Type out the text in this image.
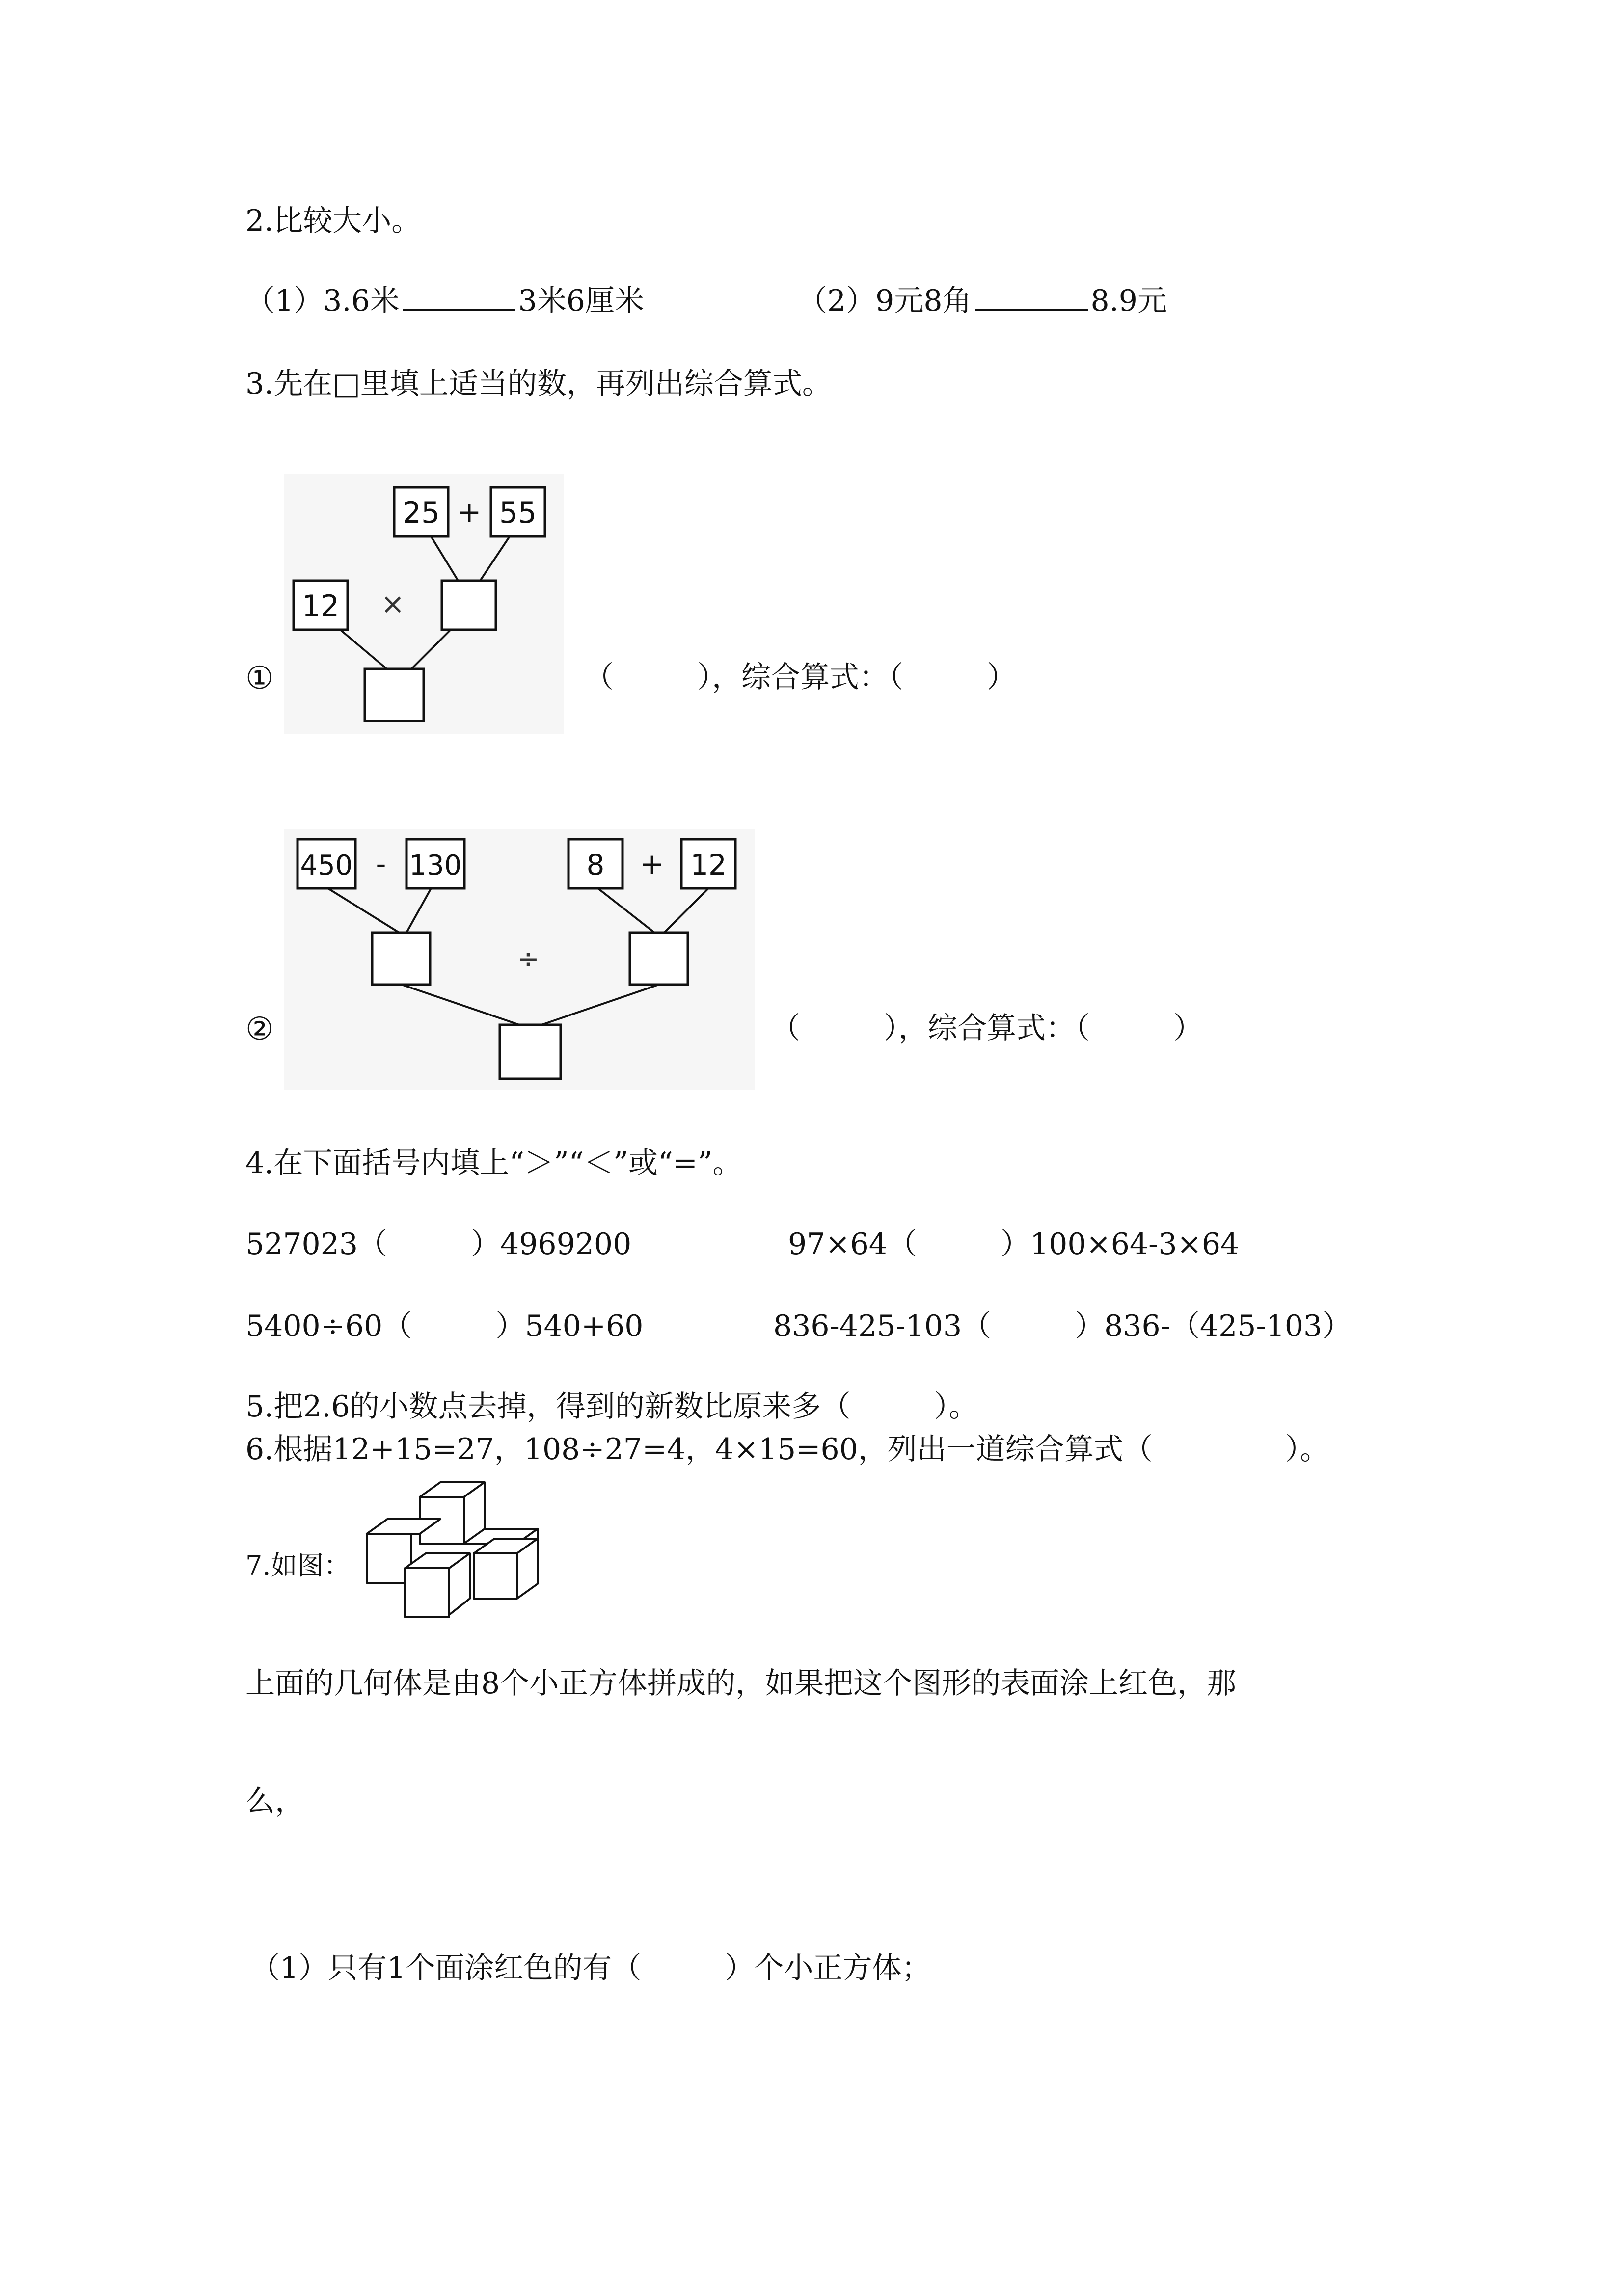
2.比较大小。
（1）3.6米	3米6厘米	（2）9元8角	8.9元
3.先在□里填上适当的数，再列出综合算式。
①
25 + 55
12 ×
（	），综合算式：（	）
②
450 - 130	8 + 12
÷
（	），综合算式：（	）
4.在下面括号内填上“＞”“＜”或“=”。
527023（	）4969200	97×64（	）100×64-3×64
5400÷60（	）540+60	836-425-103（	）836-（425-103）
5.把2.6的小数点去掉，得到的新数比原来多（	）。
6.根据12+15=27，108÷27=4，4×15=60，列出一道综合算式（	）。
7.如图：
上面的几何体是由8个小正方体拼成的，如果把这个图形的表面涂上红色，那
么，
（1）只有1个面涂红色的有（	）个小正方体；
